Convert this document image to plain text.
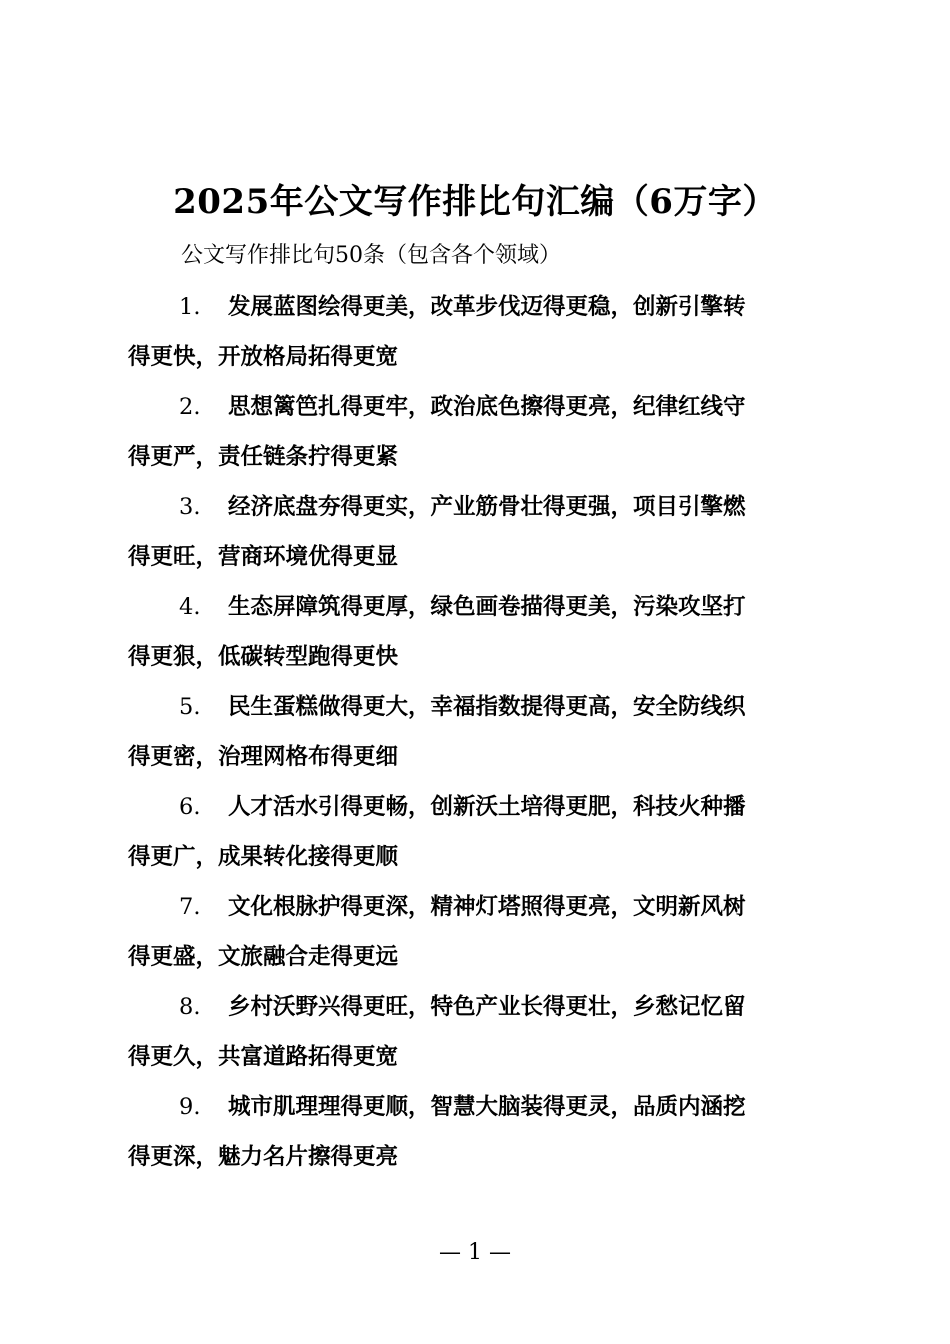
2025年公文写作排比句汇编（6万字）
公文写作排比句50条（包含各个领域）
1. 发展蓝图绘得更美，改革步伐迈得更稳，创新引擎转
得更快，开放格局拓得更宽
2. 思想篱笆扎得更牢，政治底色擦得更亮，纪律红线守
得更严，责任链条拧得更紧
3. 经济底盘夯得更实，产业筋骨壮得更强，项目引擎燃
得更旺，营商环境优得更显
4. 生态屏障筑得更厚，绿色画卷描得更美，污染攻坚打
得更狠，低碳转型跑得更快
5. 民生蛋糕做得更大，幸福指数提得更高，安全防线织
得更密，治理网格布得更细
6. 人才活水引得更畅，创新沃土培得更肥，科技火种播
得更广，成果转化接得更顺
7. 文化根脉护得更深，精神灯塔照得更亮，文明新风树
得更盛，文旅融合走得更远
8. 乡村沃野兴得更旺，特色产业长得更壮，乡愁记忆留
得更久，共富道路拓得更宽
9. 城市肌理理得更顺，智慧大脑装得更灵，品质内涵挖
得更深，魅力名片擦得更亮
— 1 —
